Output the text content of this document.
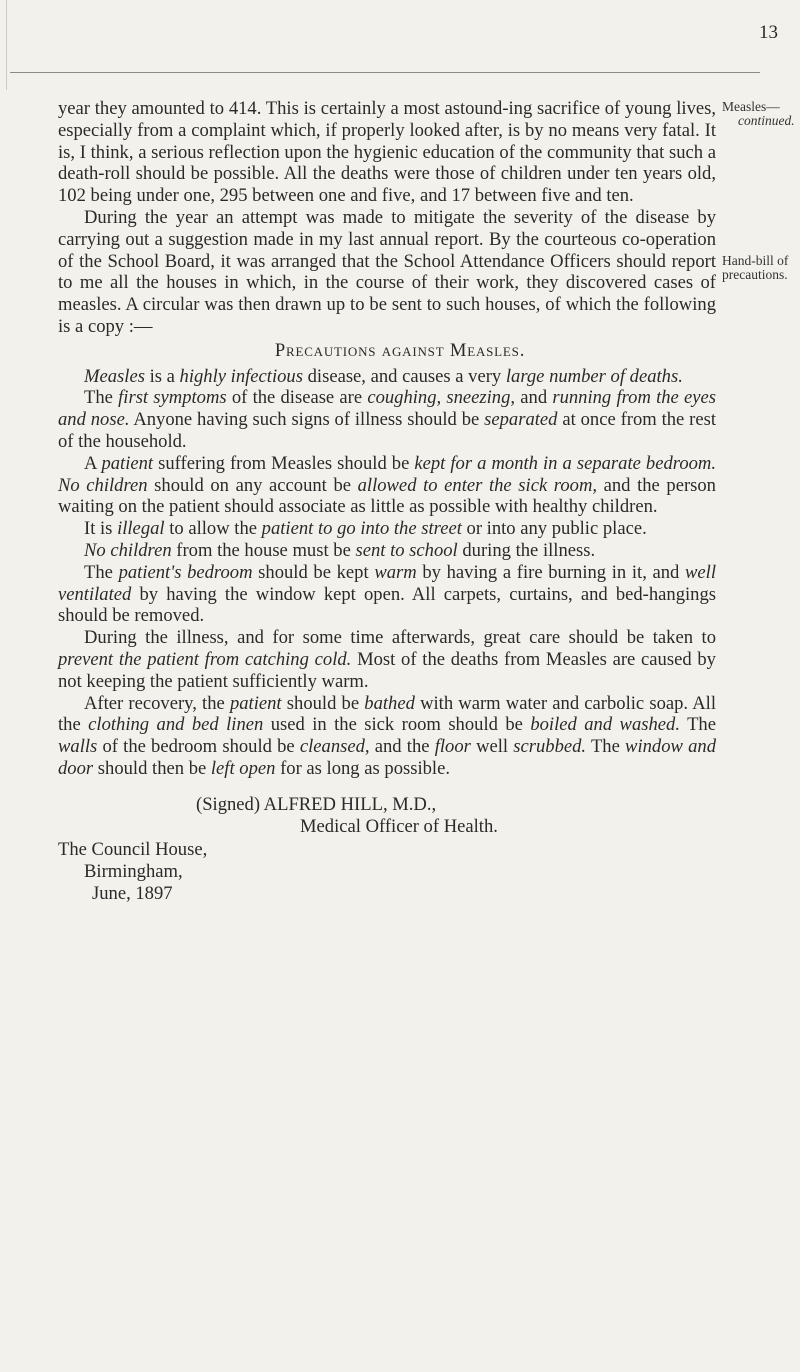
13
Measles—
continued.
Hand-bill of
precautions.

year they amounted to 414. This is certainly a most astound-ing sacrifice of young lives, especially from a complaint which, if properly looked after, is by no means very fatal. It is, I think, a serious reflection upon the hygienic education of the community that such a death-roll should be possible. All the deaths were those of children under ten years old, 102 being under one, 295 between one and five, and 17 between five and ten.

During the year an attempt was made to mitigate the severity of the disease by carrying out a suggestion made in my last annual report. By the courteous co-operation of the School Board, it was arranged that the School Attendance Officers should report to me all the houses in which, in the course of their work, they discovered cases of measles. A circular was then drawn up to be sent to such houses, of which the following is a copy :—

Precautions against Measles.

Measles is a highly infectious disease, and causes a very large number of deaths.

The first symptoms of the disease are coughing, sneezing, and running from the eyes and nose. Anyone having such signs of illness should be separated at once from the rest of the household.

A patient suffering from Measles should be kept for a month in a separate bedroom. No children should on any account be allowed to enter the sick room, and the person waiting on the patient should associate as little as possible with healthy children.

It is illegal to allow the patient to go into the street or into any public place.

No children from the house must be sent to school during the illness.

The patient's bedroom should be kept warm by having a fire burning in it, and well ventilated by having the window kept open. All carpets, curtains, and bed-hangings should be removed.

During the illness, and for some time afterwards, great care should be taken to prevent the patient from catching cold. Most of the deaths from Measles are caused by not keeping the patient sufficiently warm.

After recovery, the patient should be bathed with warm water and carbolic soap. All the clothing and bed linen used in the sick room should be boiled and washed. The walls of the bedroom should be cleansed, and the floor well scrubbed. The window and door should then be left open for as long as possible.

(Signed) ALFRED HILL, M.D.,
Medical Officer of Health.
The Council House,
Birmingham,
June, 1897
